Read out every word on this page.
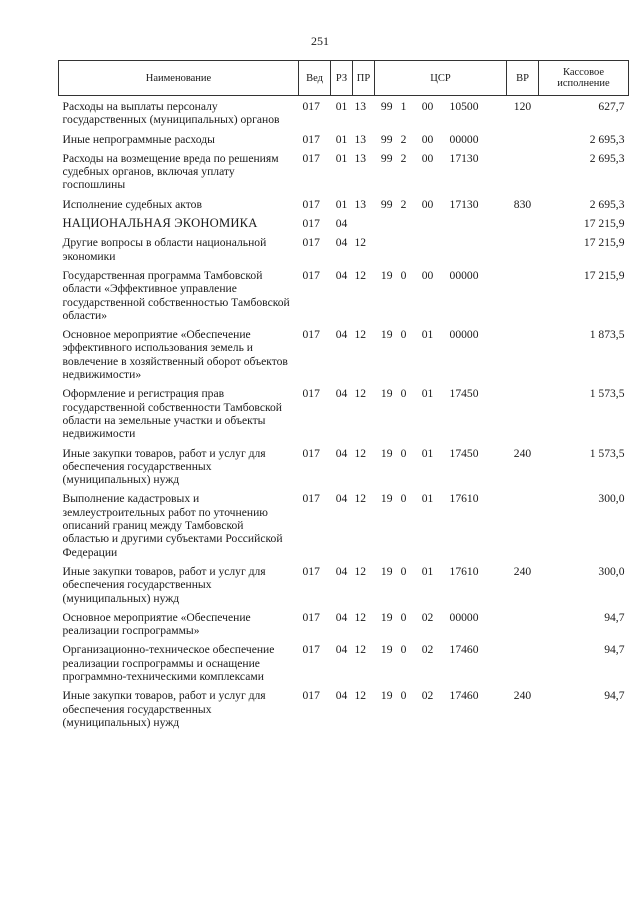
251
Наименование	Вед	РЗ	ПР	ЦСР	ВР	Кассовое исполнение
Расходы на выплаты персоналу государственных (муниципальных) органов	017	01	13	99 1 00 10500	120	627,7
Иные непрограммные расходы	017	01	13	99 2 00 00000		2 695,3
Расходы на возмещение вреда по решениям судебных органов, включая уплату госпошлины	017	01	13	99 2 00 17130		2 695,3
Исполнение судебных актов	017	01	13	99 2 00 17130	830	2 695,3
НАЦИОНАЛЬНАЯ ЭКОНОМИКА	017	04				17 215,9
Другие вопросы в области национальной экономики	017	04	12			17 215,9
Государственная программа Тамбовской области «Эффективное управление государственной собственностью Тамбовской области»	017	04	12	19 0 00 00000		17 215,9
Основное мероприятие «Обеспечение эффективного использования земель и вовлечение в хозяйственный оборот объектов недвижимости»	017	04	12	19 0 01 00000		1 873,5
Оформление и регистрация прав государственной собственности Тамбовской области на земельные участки и объекты недвижимости	017	04	12	19 0 01 17450		1 573,5
Иные закупки товаров, работ и услуг для обеспечения государственных (муниципальных) нужд	017	04	12	19 0 01 17450	240	1 573,5
Выполнение кадастровых и землеустроительных работ по уточнению описаний границ между Тамбовской областью и другими субъектами Российской Федерации	017	04	12	19 0 01 17610		300,0
Иные закупки товаров, работ и услуг для обеспечения государственных (муниципальных) нужд	017	04	12	19 0 01 17610	240	300,0
Основное мероприятие «Обеспечение реализации госпрограммы»	017	04	12	19 0 02 00000		94,7
Организационно-техническое обеспечение реализации госпрограммы и оснащение программно-техническими комплексами	017	04	12	19 0 02 17460		94,7
Иные закупки товаров, работ и услуг для обеспечения государственных (муниципальных) нужд	017	04	12	19 0 02 17460	240	94,7
